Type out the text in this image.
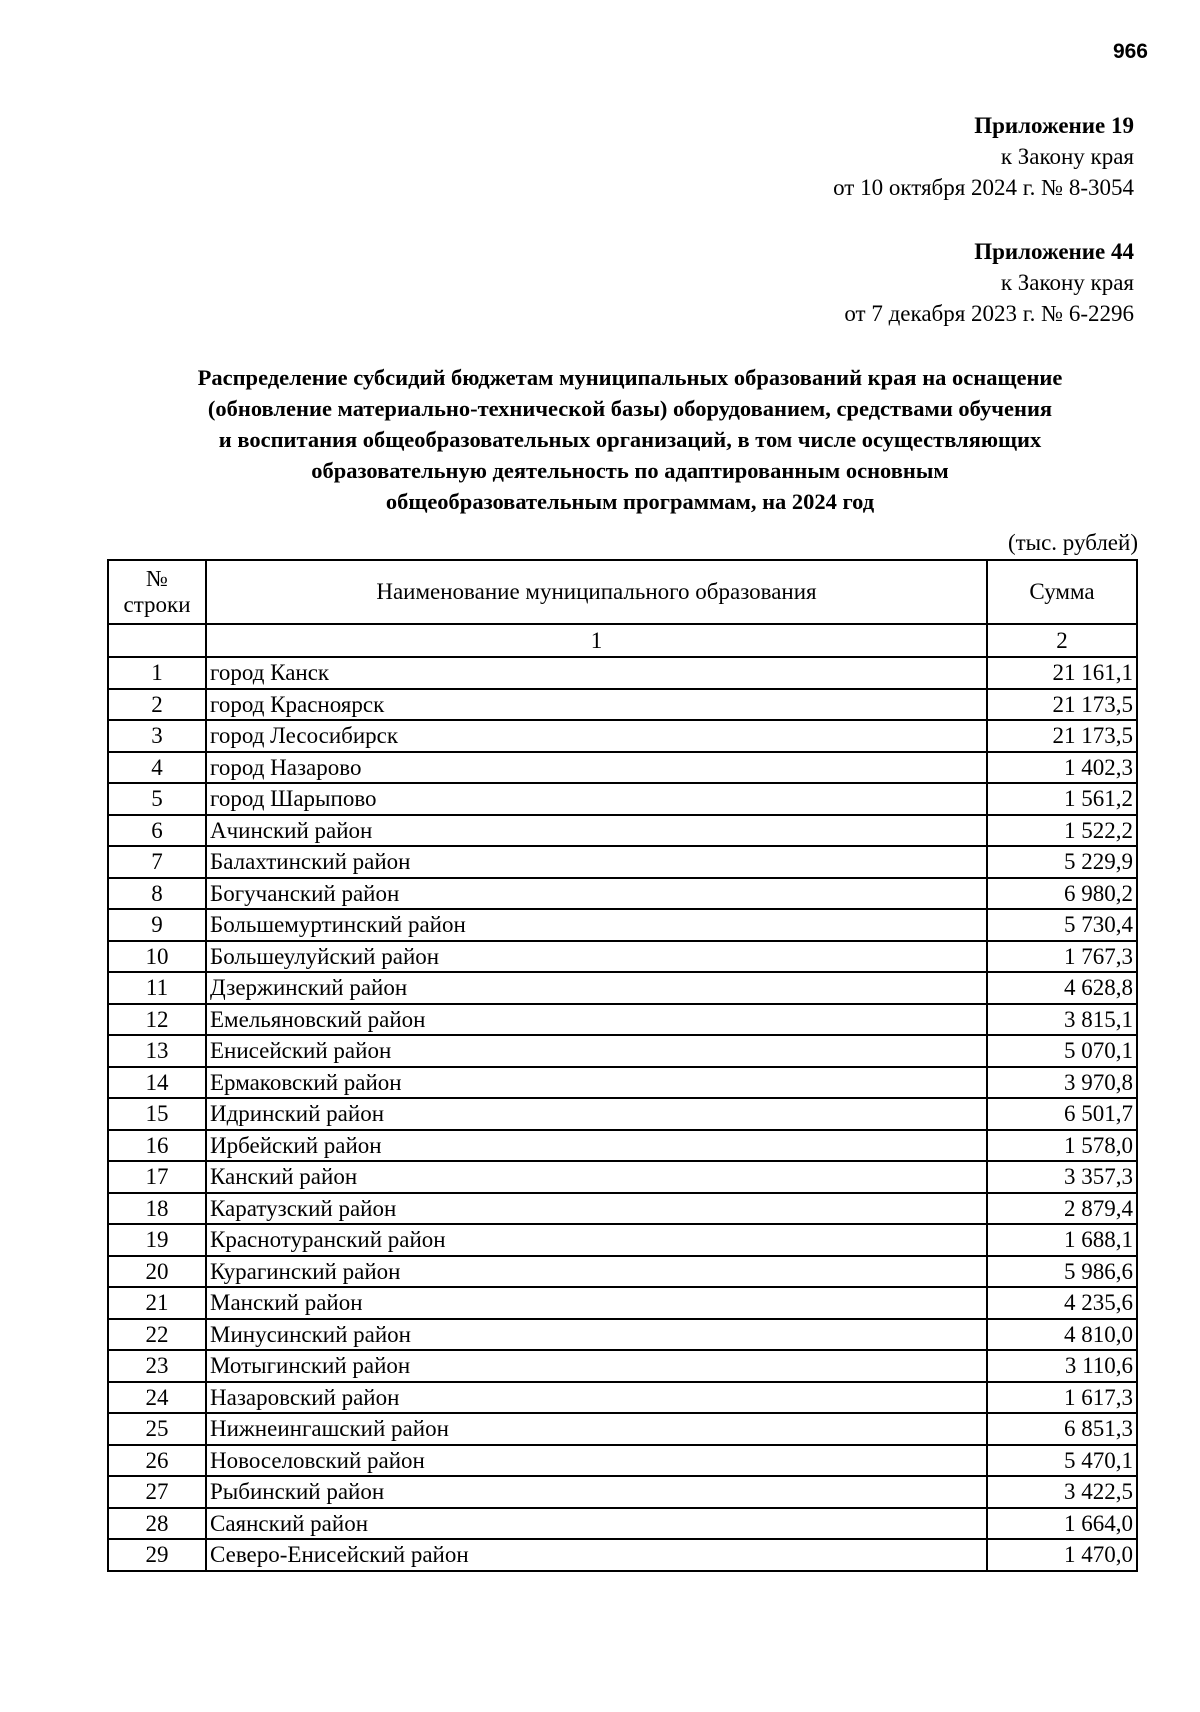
966
Приложение 19
к Закону края
от 10 октября 2024 г. № 8-3054
Приложение 44
к Закону края
от 7 декабря 2023 г. № 6-2296
Распределение субсидий бюджетам муниципальных образований края на оснащение
(обновление материально-технической базы) оборудованием, средствами обучения
и воспитания общеобразовательных организаций, в том числе осуществляющих
образовательную деятельность по адаптированным основным
общеобразовательным программам, на 2024 год
(тыс. рублей)
№
строки	Наименование муниципального образования	Сумма
	1	2
1	город Канск	21 161,1
2	город Красноярск	21 173,5
3	город Лесосибирск	21 173,5
4	город Назарово	1 402,3
5	город Шарыпово	1 561,2
6	Ачинский район	1 522,2
7	Балахтинский район	5 229,9
8	Богучанский район	6 980,2
9	Большемуртинский район	5 730,4
10	Большеулуйский район	1 767,3
11	Дзержинский район	4 628,8
12	Емельяновский район	3 815,1
13	Енисейский район	5 070,1
14	Ермаковский район	3 970,8
15	Идринский район	6 501,7
16	Ирбейский район	1 578,0
17	Канский район	3 357,3
18	Каратузский район	2 879,4
19	Краснотуранский район	1 688,1
20	Курагинский район	5 986,6
21	Манский район	4 235,6
22	Минусинский район	4 810,0
23	Мотыгинский район	3 110,6
24	Назаровский район	1 617,3
25	Нижнеингашский район	6 851,3
26	Новоселовский район	5 470,1
27	Рыбинский район	3 422,5
28	Саянский район	1 664,0
29	Северо-Енисейский район	1 470,0
